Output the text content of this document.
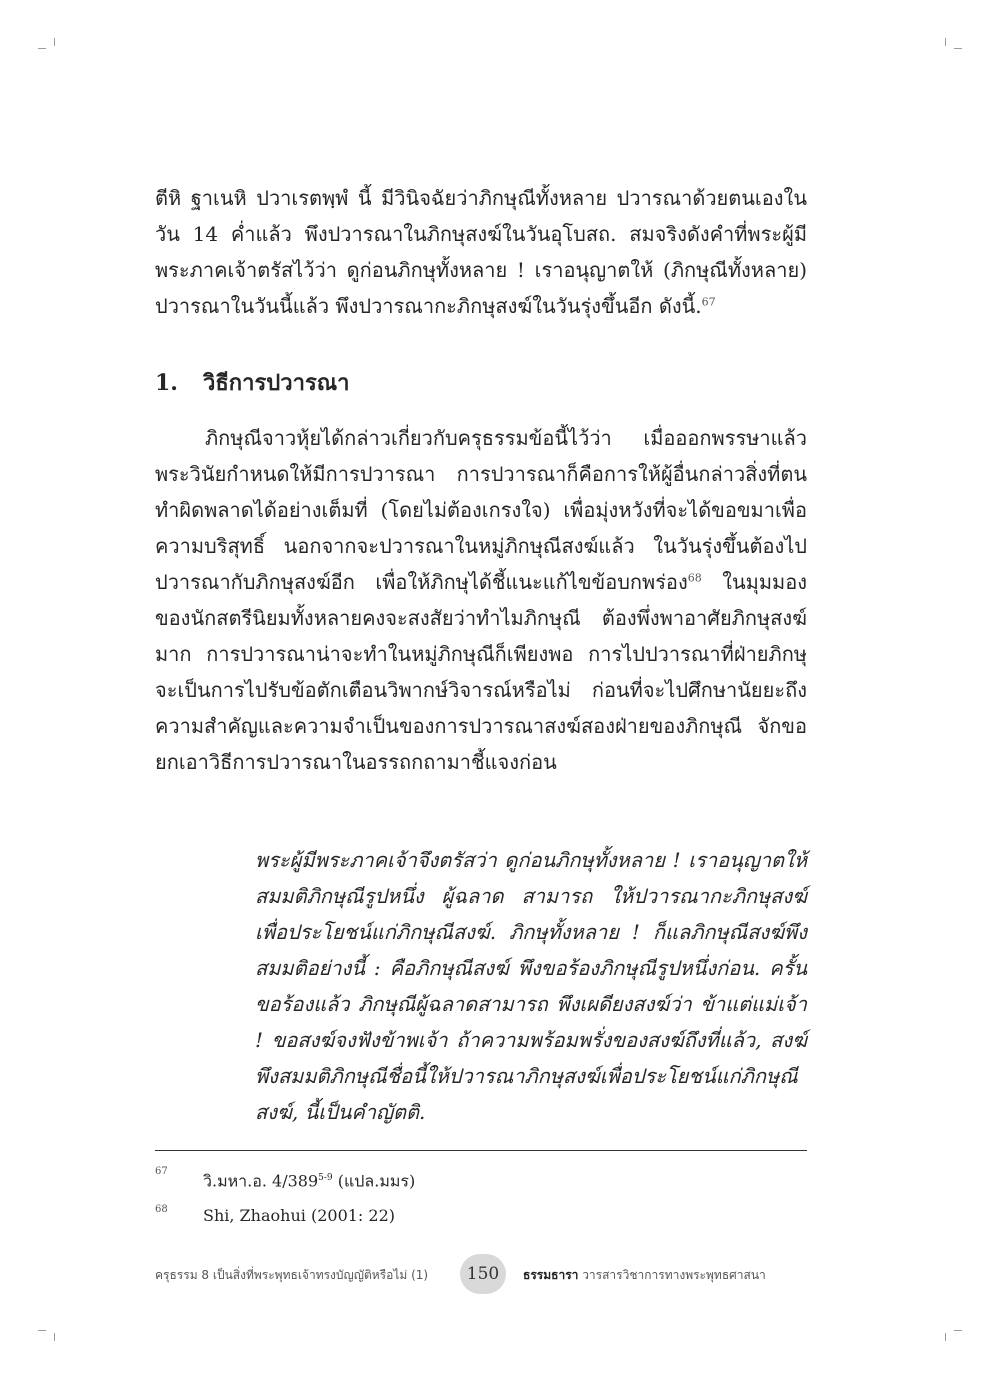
ตีหิ ฐาเนหิ ปวาเรตพฺพํ นี้ มีวินิจฉัยว่าภิกษุณีทั้งหลาย ปวารณาด้วยตนเองในวัน 14 ค่ำแล้ว พึงปวารณาในภิกษุสงฆ์ในวันอุโบสถ. สมจริงดังคำที่พระผู้มีพระภาคเจ้าตรัสไว้ว่า ดูก่อนภิกษุทั้งหลาย ! เราอนุญาตให้ (ภิกษุณีทั้งหลาย) ปวารณาในวันนี้แล้ว พึงปวารณากะภิกษุสงฆ์ในวันรุ่งขึ้นอีก ดังนี้.$^{67}$

1. วิธีการปวารณา

ภิกษุณีจาวหุ้ยได้กล่าวเกี่ยวกับครุธรรมข้อนี้ไว้ว่า เมื่อออกพรรษาแล้ว พระวินัยกำหนดให้มีการปวารณา การปวารณาก็คือการให้ผู้อื่นกล่าวสิ่งที่ตนทำผิดพลาดได้อย่างเต็มที่ (โดยไม่ต้องเกรงใจ) เพื่อมุ่งหวังที่จะได้ขอขมาเพื่อความบริสุทธิ์ นอกจากจะปวารณาในหมู่ภิกษุณีสงฆ์แล้ว ในวันรุ่งขึ้นต้องไปปวารณากับภิกษุสงฆ์อีก เพื่อให้ภิกษุได้ชี้แนะแก้ไขข้อบกพร่อง$^{68}$ ในมุมมองของนักสตรีนิยมทั้งหลายคงจะสงสัยว่าทำไมภิกษุณี ต้องพึ่งพาอาศัยภิกษุสงฆ์มาก การปวารณาน่าจะทำในหมู่ภิกษุณีก็เพียงพอ การไปปวารณาที่ฝ่ายภิกษุ จะเป็นการไปรับข้อตักเตือนวิพากษ์วิจารณ์หรือไม่ ก่อนที่จะไปศึกษานัยยะถึงความสำคัญและความจำเป็นของการปวารณาสงฆ์สองฝ่ายของภิกษุณี จักขอยกเอาวิธีการปวารณาในอรรถกถามาชี้แจงก่อน

พระผู้มีพระภาคเจ้าจึงตรัสว่า ดูก่อนภิกษุทั้งหลาย ! เราอนุญาตให้สมมติภิกษุณีรูปหนึ่ง ผู้ฉลาด สามารถ ให้ปวารณากะภิกษุสงฆ์ เพื่อประโยชน์แก่ภิกษุณีสงฆ์. ภิกษุทั้งหลาย ! ก็แลภิกษุณีสงฆ์พึงสมมติอย่างนี้ : คือภิกษุณีสงฆ์ พึงขอร้องภิกษุณีรูปหนึ่งก่อน. ครั้นขอร้องแล้ว ภิกษุณีผู้ฉลาดสามารถ พึงเผดียงสงฆ์ว่า ข้าแต่แม่เจ้า ! ขอสงฆ์จงฟังข้าพเจ้า ถ้าความพร้อมพรั่งของสงฆ์ถึงที่แล้ว, สงฆ์พึงสมมติภิกษุณีชื่อนี้ให้ปวารณาภิกษุสงฆ์เพื่อประโยชน์แก่ภิกษุณีสงฆ์, นี้เป็นคำญัตติ.

67 วิ.มหา.อ. 4/389$^{5-9}$ (แปล.มมร)
68 Shi, Zhaohui (2001: 22)
ครุธรรม 8 เป็นสิ่งที่พระพุทธเจ้าทรงบัญญัติหรือไม่ (1)	150	ธรรมธารา วารสารวิชาการทางพระพุทธศาสนา
